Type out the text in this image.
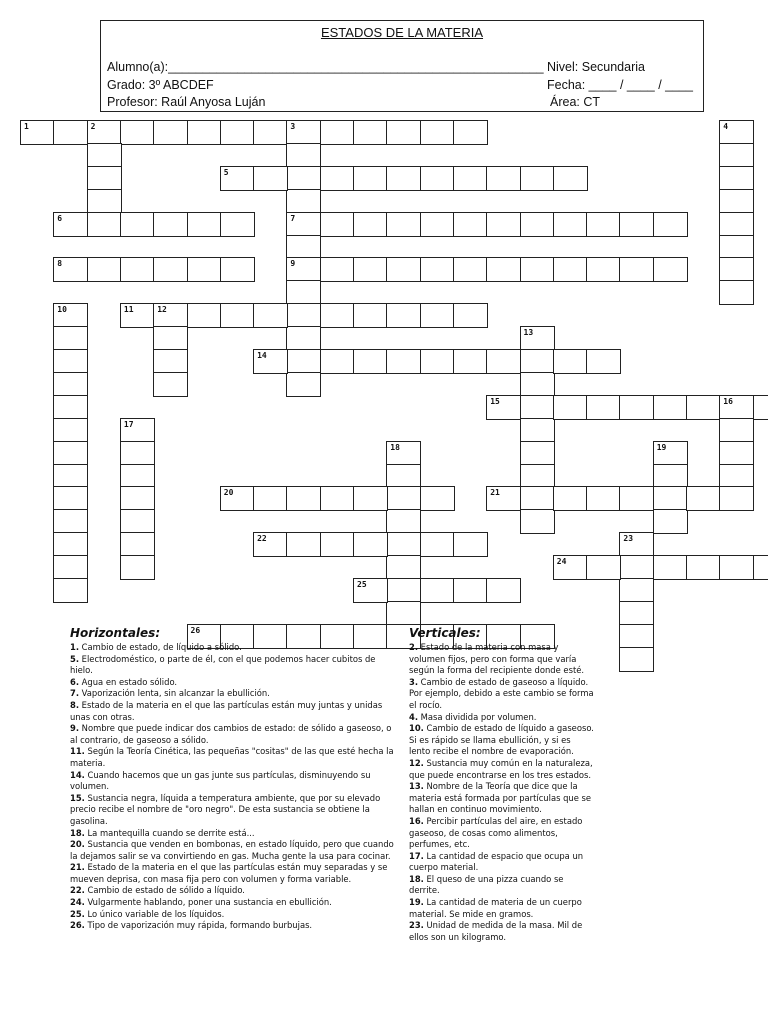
ESTADOS DE LA MATERIA
Alumno(a):______________________________________________________ Nivel: Secundaria
Grado: 3º ABCDEF	Fecha: ____ / ____ / ____
Profesor: Raúl Anyosa Luján	Área: CT
1	2	3
7
9
4
5
6
8
10	11	12
13
14
15	16
17
18	19
20	21
22	23
24
25
26
Horizontales:

1. Cambio de estado, de líquido a sólido.

5. Electrodoméstico, o parte de él, con el que podemos hacer cubitos de hielo.

6. Agua en estado sólido.

7. Vaporización lenta, sin alcanzar la ebullición.

8. Estado de la materia en el que las partículas están muy juntas y unidas unas con otras.

9. Nombre que puede indicar dos cambios de estado: de sólido a gaseoso, o al contrario, de gaseoso a sólido.

11. Según la Teoría Cinética, las pequeñas "cositas" de las que esté hecha la materia.

14. Cuando hacemos que un gas junte sus partículas, disminuyendo su volumen.

15. Sustancia negra, líquida a temperatura ambiente, que por su elevado precio recibe el nombre de "oro negro". De esta sustancia se obtiene la gasolina.

18. La mantequilla cuando se derrite está...

20. Sustancia que venden en bombonas, en estado líquido, pero que cuando la dejamos salir se va convirtiendo en gas. Mucha gente la usa para cocinar.

21. Estado de la materia en el que las partículas están muy separadas y se mueven deprisa, con masa fija pero con volumen y forma variable.

22. Cambio de estado de sólido a líquido.

24. Vulgarmente hablando, poner una sustancia en ebullición.

25. Lo único variable de los líquidos.

26. Tipo de vaporización muy rápida, formando burbujas.

Verticales:

2. Estado de la materia con masa y volumen fijos, pero con forma que varía según la forma del recipiente donde esté.

3. Cambio de estado de gaseoso a líquido. Por ejemplo, debido a este cambio se forma el rocío.

4. Masa dividida por volumen.

10. Cambio de estado de líquido a gaseoso. Si es rápido se llama ebullición, y si es lento recibe el nombre de evaporación.

12. Sustancia muy común en la naturaleza, que puede encontrarse en los tres estados.

13. Nombre de la Teoría que dice que la materia está formada por partículas que se hallan en continuo movimiento.

16. Percibir partículas del aire, en estado gaseoso, de cosas como alimentos, perfumes, etc.

17. La cantidad de espacio que ocupa un cuerpo material.

18. El queso de una pizza cuando se derrite.

19. La cantidad de materia de un cuerpo material. Se mide en gramos.

23. Unidad de medida de la masa. Mil de ellos son un kilogramo.
